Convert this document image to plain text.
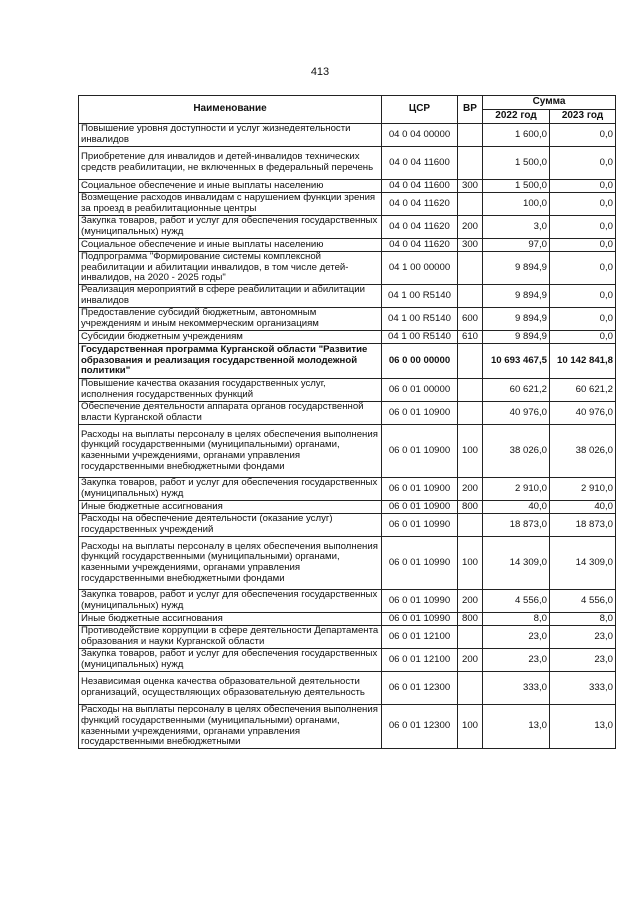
413
Наименование	ЦСР	ВР	Сумма	
			2022 год	2023 год
Повышение уровня доступности и услуг жизнедеятельности инвалидов	04 0 04 00000		1 600,0	0,0
Приобретение для инвалидов и детей-инвалидов технических средств реабилитации, не включенных в федеральный перечень	04 0 04 11600		1 500,0	0,0
Социальное обеспечение и иные выплаты населению	04 0 04 11600	300	1 500,0	0,0
Возмещение расходов инвалидам с нарушением функции зрения за проезд в реабилитационные центры	04 0 04 11620		100,0	0,0
Закупка товаров, работ и услуг для обеспечения государственных (муниципальных) нужд	04 0 04 11620	200	3,0	0,0
Социальное обеспечение и иные выплаты населению	04 0 04 11620	300	97,0	0,0
Подпрограмма "Формирование системы комплексной реабилитации и абилитации инвалидов, в том числе детей-инвалидов, на 2020 - 2025 годы"	04 1 00 00000		9 894,9	0,0
Реализация мероприятий в сфере реабилитации и абилитации инвалидов	04 1 00 R5140		9 894,9	0,0
Предоставление субсидий бюджетным, автономным учреждениям и иным некоммерческим организациям	04 1 00 R5140	600	9 894,9	0,0
Субсидии бюджетным учреждениям	04 1 00 R5140	610	9 894,9	0,0
Государственная программа Курганской области "Развитие образования и реализация государственной молодежной политики"	06 0 00 00000		10 693 467,5	10 142 841,8
Повышение качества оказания государственных услуг, исполнения государственных функций	06 0 01 00000		60 621,2	60 621,2
Обеспечение деятельности аппарата органов государственной власти Курганской области	06 0 01 10900		40 976,0	40 976,0
Расходы на выплаты персоналу в целях обеспечения выполнения функций государственными (муниципальными) органами, казенными учреждениями, органами управления государственными внебюджетными фондами	06 0 01 10900	100	38 026,0	38 026,0
Закупка товаров, работ и услуг для обеспечения государственных (муниципальных) нужд	06 0 01 10900	200	2 910,0	2 910,0
Иные бюджетные ассигнования	06 0 01 10900	800	40,0	40,0
Расходы на обеспечение деятельности (оказание услуг) государственных учреждений	06 0 01 10990		18 873,0	18 873,0
Расходы на выплаты персоналу в целях обеспечения выполнения функций государственными (муниципальными) органами, казенными учреждениями, органами управления государственными внебюджетными фондами	06 0 01 10990	100	14 309,0	14 309,0
Закупка товаров, работ и услуг для обеспечения государственных (муниципальных) нужд	06 0 01 10990	200	4 556,0	4 556,0
Иные бюджетные ассигнования	06 0 01 10990	800	8,0	8,0
Противодействие коррупции в сфере деятельности Департамента образования и науки Курганской области	06 0 01 12100		23,0	23,0
Закупка товаров, работ и услуг для обеспечения государственных (муниципальных) нужд	06 0 01 12100	200	23,0	23,0
Независимая оценка качества образовательной деятельности организаций, осуществляющих образовательную деятельность	06 0 01 12300		333,0	333,0
Расходы на выплаты персоналу в целях обеспечения выполнения функций государственными (муниципальными) органами, казенными учреждениями, органами управления государственными внебюджетными	06 0 01 12300	100	13,0	13,0
